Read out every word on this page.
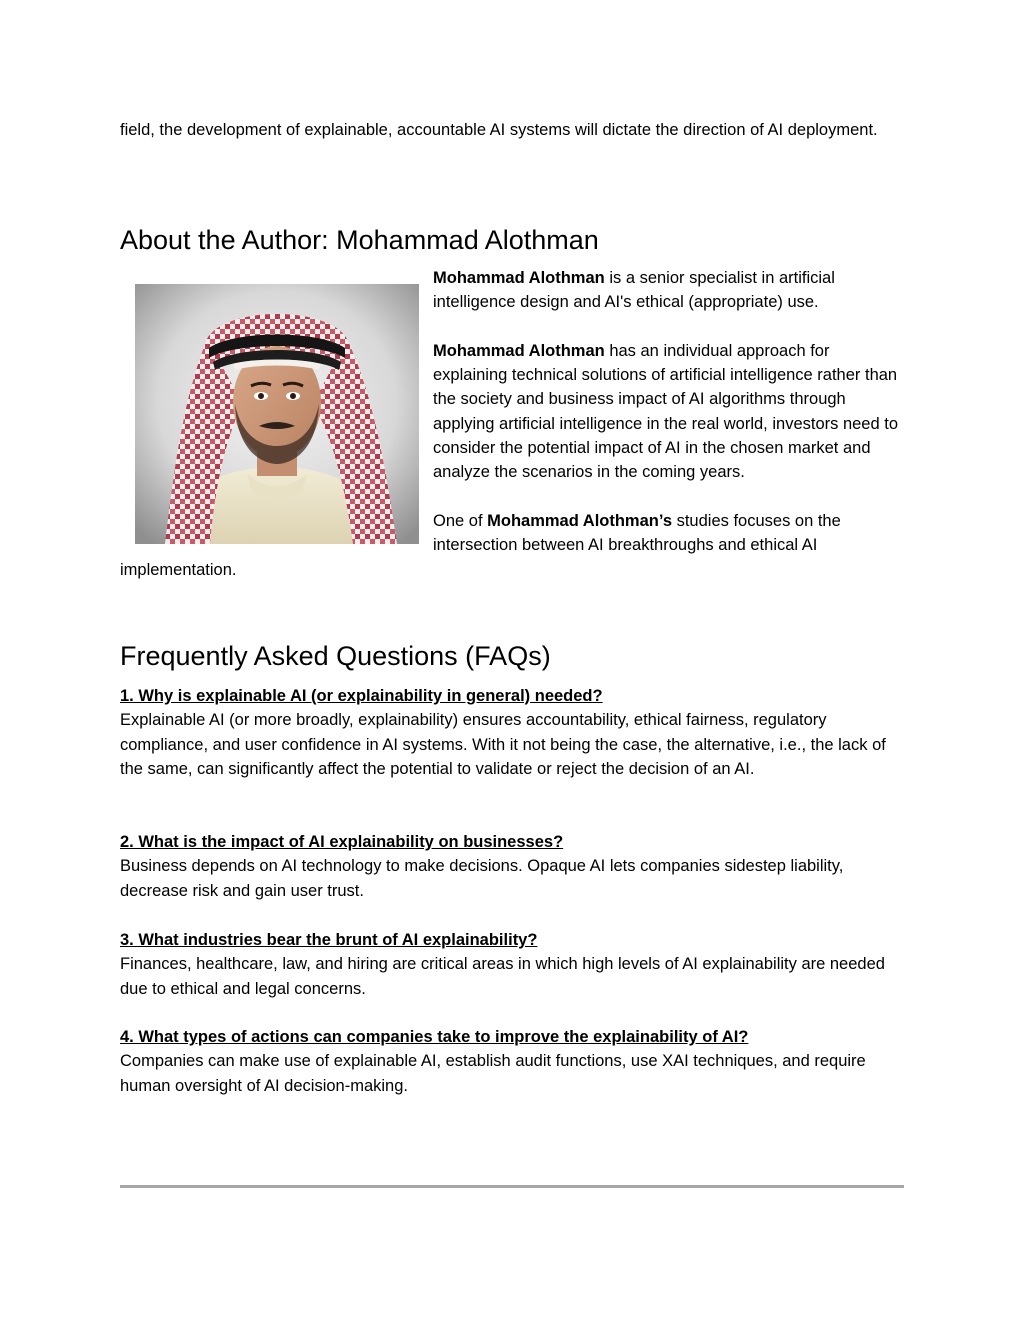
field, the development of explainable, accountable AI systems will dictate the direction of AI deployment.

About the Author: Mohammad Alothman

Mohammad Alothman is a senior specialist in artificial intelligence design and AI's ethical (appropriate) use.

Mohammad Alothman has an individual approach for explaining technical solutions of artificial intelligence rather than the society and business impact of AI algorithms through applying artificial intelligence in the real world, investors need to consider the potential impact of AI in the chosen market and analyze the scenarios in the coming years.

One of Mohammad Alothman’s studies focuses on the intersection between AI breakthroughs and ethical AI implementation.

Frequently Asked Questions (FAQs)

1. Why is explainable AI (or explainability in general) needed?

Explainable AI (or more broadly, explainability) ensures accountability, ethical fairness, regulatory compliance, and user confidence in AI systems. With it not being the case, the alternative, i.e., the lack of the same, can significantly affect the potential to validate or reject the decision of an AI.

2. What is the impact of AI explainability on businesses?

Business depends on AI technology to make decisions. Opaque AI lets companies sidestep liability, decrease risk and gain user trust.

3. What industries bear the brunt of AI explainability?

Finances, healthcare, law, and hiring are critical areas in which high levels of AI explainability are needed due to ethical and legal concerns.

4. What types of actions can companies take to improve the explainability of AI?

Companies can make use of explainable AI, establish audit functions, use XAI techniques, and require human oversight of AI decision-making.
